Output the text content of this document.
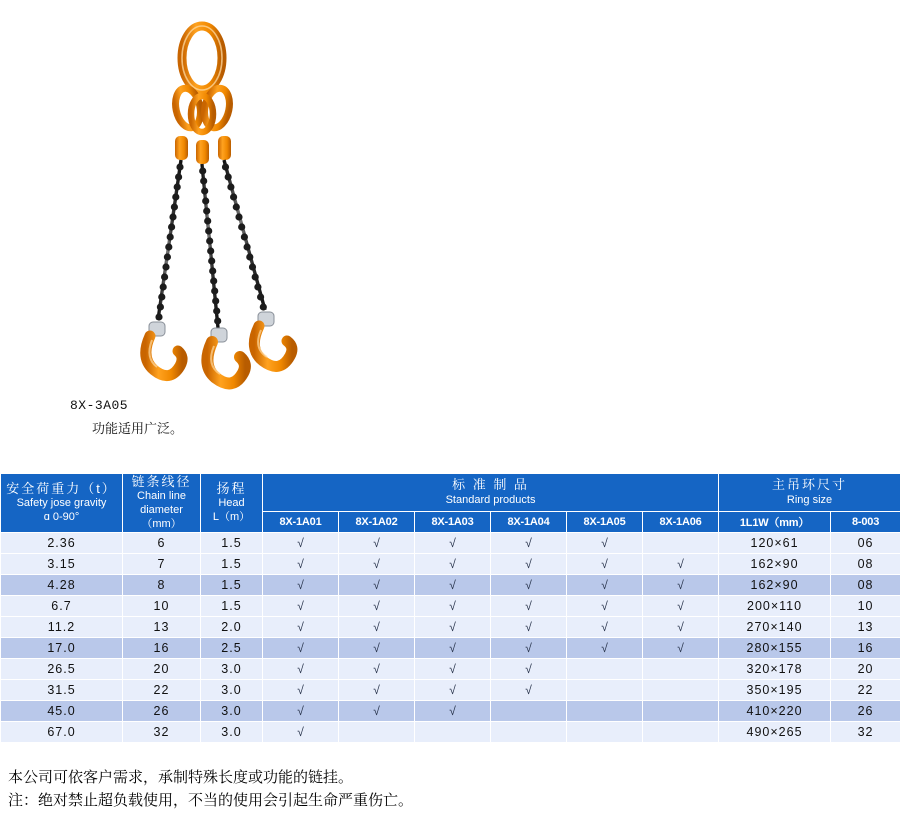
8X-3A05
功能适用广泛。
安全荷重力（t）
Safety jose gravity
ɑ 0-90°	链条线径
Chain line diameter
（mm）	扬程
Head
L（m）	标 准 制 品
Standard products						主吊环尺寸
Ring size	

			8X-1A01	8X-1A02	8X-1A03	8X-1A04	8X-1A05	8X-1A06	1L1W（mm）	8-003
2.36	6	1.5	√	√	√	√	√		120×61	06
3.15	7	1.5	√	√	√	√	√	√	162×90	08
4.28	8	1.5	√	√	√	√	√	√	162×90	08
6.7	10	1.5	√	√	√	√	√	√	200×110	10
11.2	13	2.0	√	√	√	√	√	√	270×140	13
17.0	16	2.5	√	√	√	√	√	√	280×155	16
26.5	20	3.0	√	√	√	√			320×178	20
31.5	22	3.0	√	√	√	√			350×195	22
45.0	26	3.0	√	√	√				410×220	26
67.0	32	3.0	√						490×265	32
本公司可依客户需求，承制特殊长度或功能的链挂。
注：绝对禁止超负载使用，不当的使用会引起生命严重伤亡。
